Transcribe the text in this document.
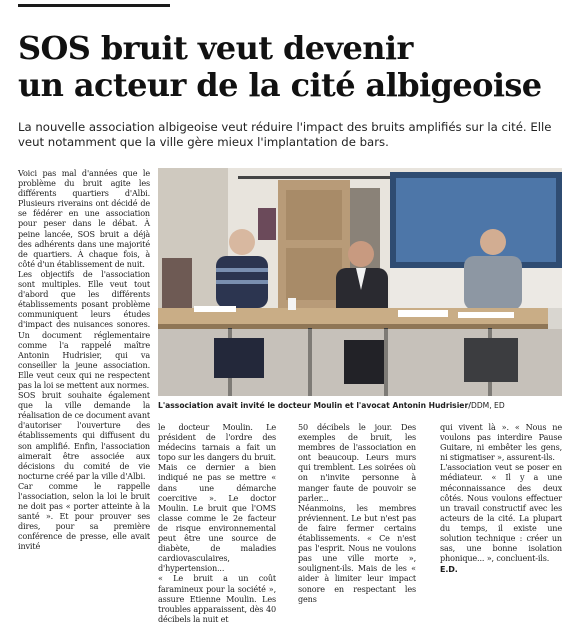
SOS bruit veut devenir
un acteur de la cité albigeoise
La nouvelle association albigeoise veut réduire l'impact des bruits amplifiés sur la cité. Elle veut notamment que la ville gère mieux l'implantation de bars.

Voici pas mal d'années que le problème du bruit agite les différents quartiers d'Albi. Plusieurs riverains ont décidé de se fédérer en une association pour peser dans le débat. À peine lancée, SOS bruit a déjà des adhérents dans une majorité de quartiers. À chaque fois, à côté d'un établissement de nuit.

Les objectifs de l'association sont multiples. Elle veut tout d'abord que les différents établissements posant problème communiquent leurs études d'impact des nuisances sonores. Un document réglementaire comme l'a rappelé maître Antonin Hudrisier, qui va conseiller la jeune association. Elle veut ceux qui ne respectent pas la loi se mettent aux normes.

SOS bruit souhaite également que la ville demande la réalisation de ce document avant d'autoriser l'ouverture des établissements qui diffusent du son amplifié. Enfin, l'association aimerait être associée aux décisions du comité de vie nocturne créé par la ville d'Albi.

Car comme le rappelle l'association, selon la loi le bruit ne doit pas « porter atteinte à la santé ». Et pour prouver ses dires, pour sa première conférence de presse, elle avait invité

L'association avait invité le docteur Moulin et l'avocat Antonin Hudrisier/DDM, ED

le docteur Moulin. Le président de l'ordre des médecins tarnais a fait un topo sur les dangers du bruit. Mais ce dernier a bien indiqué ne pas se mettre « dans une démarche coercitive ». Le doctor Moulin. Le bruit que l'OMS classe comme le 2e facteur de risque environnemental peut être une source de diabète, de maladies cardiovasculaires, d'hypertension...

« Le bruit a un coût faramineux pour la société », assure Etienne Moulin. Les troubles apparaissent, dès 40 décibels la nuit et

50 décibels le jour. Des exemples de bruit, les membres de l'association en ont beaucoup. Leurs murs qui tremblent. Les soirées où on n'invite personne à manger faute de pouvoir se parler...

Néanmoins, les membres préviennent. Le but n'est pas de faire fermer certains établissements. « Ce n'est pas l'esprit. Nous ne voulons pas une ville morte », soulignent-ils. Mais de les « aider à limiter leur impact sonore en respectant les gens

qui vivent là ». « Nous ne voulons pas interdire Pause Guitare, ni embêter les gens, ni stigmatiser », assurent-ils.

L'association veut se poser en médiateur. « Il y a une méconnaissance des deux côtés. Nous voulons effectuer un travail constructif avec les acteurs de la cité. La plupart du temps, il existe une solution technique : créer un sas, une bonne isolation phonique... », concluent-ils.

E.D.
